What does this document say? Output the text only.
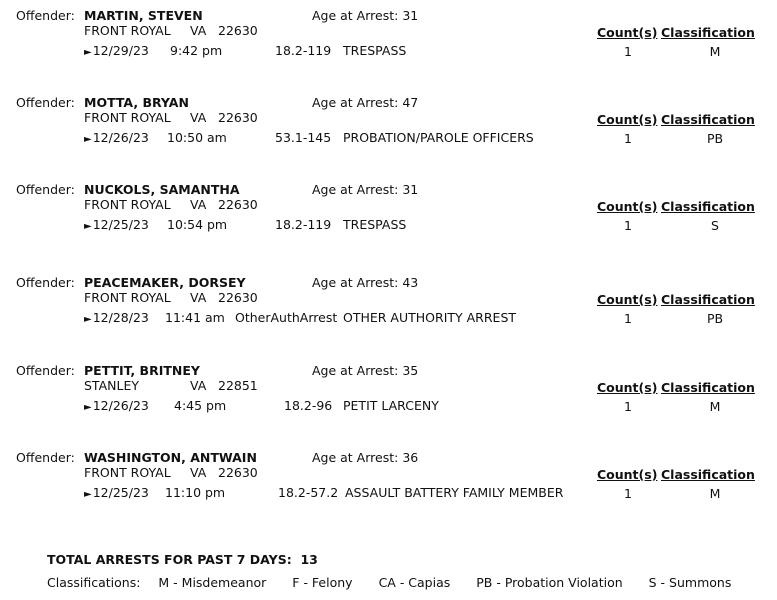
Offender: MARTIN, STEVEN	Age at Arrest: 31
FRONT ROYAL VA 22630	Count(s) Classification
►12/29/23 9:42 pm	18.2-119 TRESPASS	1	M
Offender: MOTTA, BRYAN	Age at Arrest: 47
FRONT ROYAL VA 22630	Count(s) Classification
►12/26/23 10:50 am	53.1-145 PROBATION/PAROLE OFFICERS	1	PB
Offender: NUCKOLS, SAMANTHA	Age at Arrest: 31
FRONT ROYAL VA 22630	Count(s) Classification
►12/25/23 10:54 pm	18.2-119 TRESPASS	1	S
Offender: PEACEMAKER, DORSEY	Age at Arrest: 43
FRONT ROYAL VA 22630	Count(s) Classification
►12/28/23 11:41 am OtherAuthArrest OTHER AUTHORITY ARREST	1	PB
Offender: PETTIT, BRITNEY	Age at Arrest: 35
STANLEY	VA 22851	Count(s) Classification
►12/26/23 4:45 pm	18.2-96 PETIT LARCENY	1	M
Offender: WASHINGTON, ANTWAIN	Age at Arrest: 36
FRONT ROYAL VA 22630	Count(s) Classification
►12/25/23 11:10 pm	18.2-57.2 ASSAULT BATTERY FAMILY MEMBER	1	M
TOTAL ARRESTS FOR PAST 7 DAYS: 13
Classifications: M - Misdemeanor F - Felony CA - Capias PB - Probation Violation S - Summons
